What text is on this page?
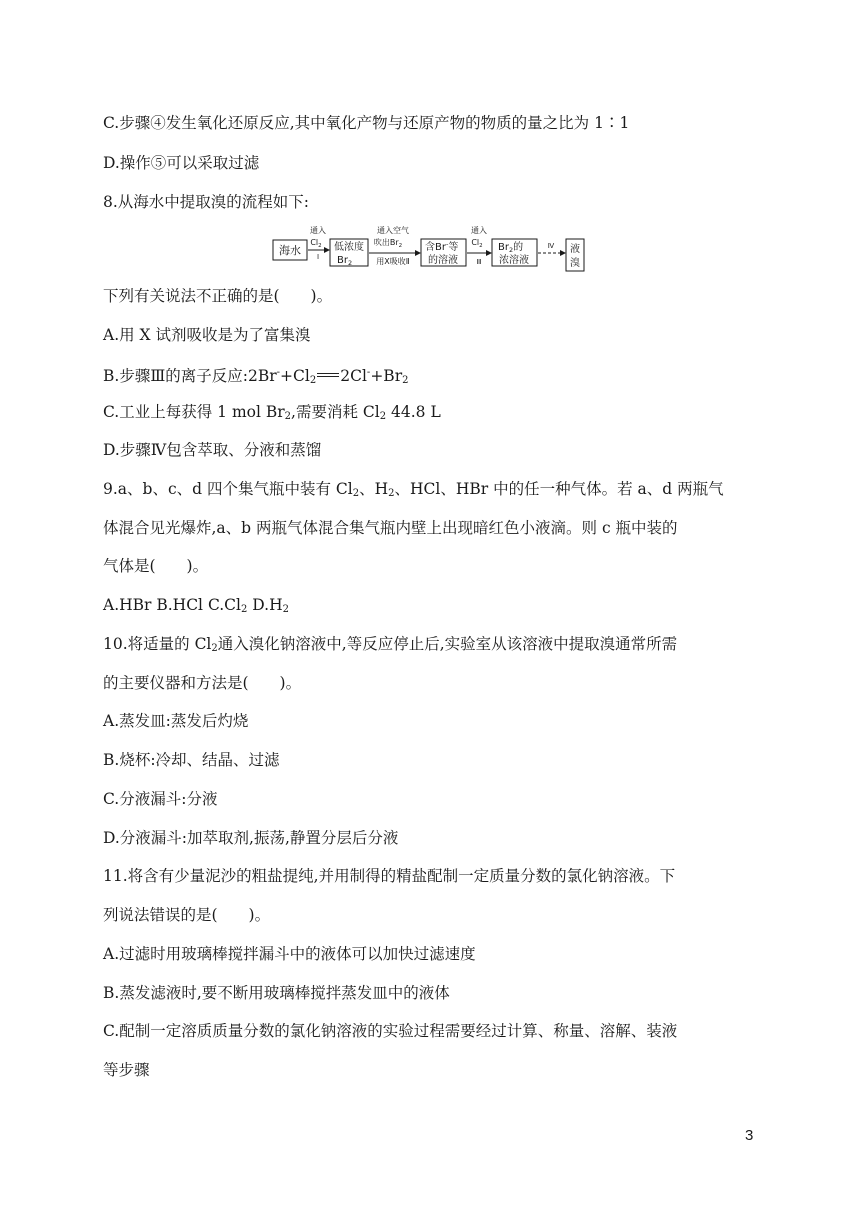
C.步骤④发生氧化还原反应,其中氧化产物与还原产物的物质的量之比为 1∶1
D.操作⑤可以采取过滤
8.从海水中提取溴的流程如下:
海水
通入
$Cl_2$
Ⅰ
低浓度
$Br_2$
通入空气
吹出$Br_2$
用X吸收Ⅱ
含Br-等
的溶液
通入
$Cl_2$
Ⅲ
$Br_2$的
浓溶液
Ⅳ 液
溴
下列有关说法不正确的是(　　)。
A.用 X 试剂吸收是为了富集溴
B.步骤Ⅲ的离子反应$:2Br^-+Cl_2$ $2Cl^-+Br_2$
C.工业上每获得 1 mol $Br_2$,需要消耗 $Cl_2$ 44.8 L
D.步骤Ⅳ包含萃取、分液和蒸馏
9.a、b、c、d 四个集气瓶中装有 $Cl_2$、$H_2$、HCl、HBr 中的任一种气体。若 a、d 两瓶气
体混合见光爆炸,a、b 两瓶气体混合集气瓶内壁上出现暗红色小液滴。则 c 瓶中装的
气体是(　　)。
A.HBr B.HCl $C.Cl_2$ $D.H_2$
10.将适量的 $Cl_2$通入溴化钠溶液中,等反应停止后,实验室从该溶液中提取溴通常所需
的主要仪器和方法是(　　)。
A.蒸发皿:蒸发后灼烧
B.烧杯:冷却、结晶、过滤
C.分液漏斗:分液
D.分液漏斗:加萃取剂,振荡,静置分层后分液
11.将含有少量泥沙的粗盐提纯,并用制得的精盐配制一定质量分数的氯化钠溶液。下
列说法错误的是(　　)。
A.过滤时用玻璃棒搅拌漏斗中的液体可以加快过滤速度
B.蒸发滤液时,要不断用玻璃棒搅拌蒸发皿中的液体
C.配制一定溶质质量分数的氯化钠溶液的实验过程需要经过计算、称量、溶解、装液
等步骤
3
